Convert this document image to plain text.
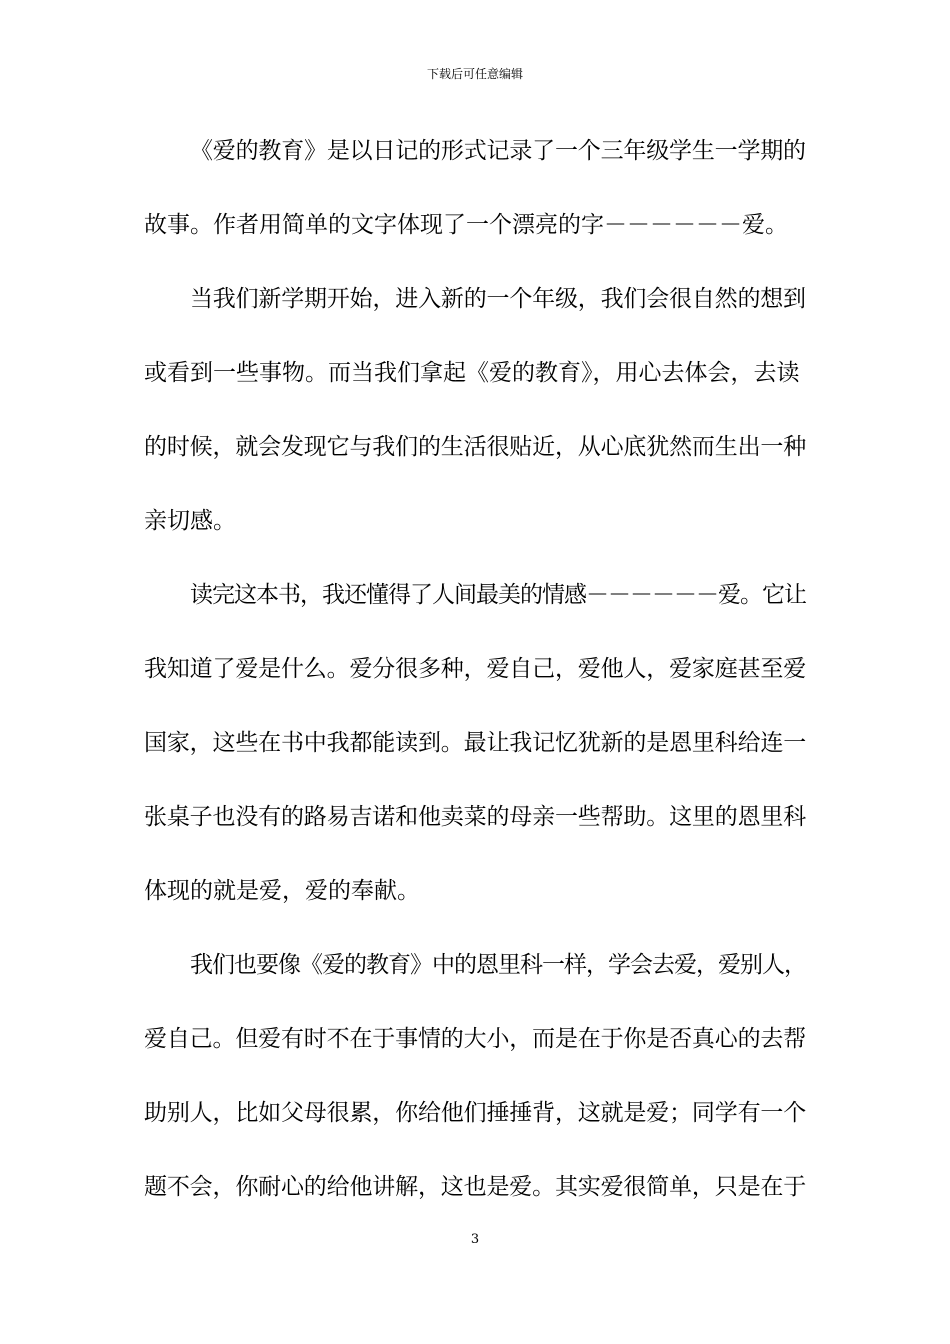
下载后可任意编辑
《爱的教育》是以日记的形式记录了一个三年级学生一学期的
故事。作者用简单的文字体现了一个漂亮的字－－－－－－爱。
当我们新学期开始，进入新的一个年级，我们会很自然的想到
或看到一些事物。而当我们拿起《爱的教育》，用心去体会，去读
的时候，就会发现它与我们的生活很贴近，从心底犹然而生出一种
亲切感。
读完这本书，我还懂得了人间最美的情感－－－－－－爱。它让
我知道了爱是什么。爱分很多种，爱自己，爱他人，爱家庭甚至爱
国家，这些在书中我都能读到。最让我记忆犹新的是恩里科给连一
张桌子也没有的路易吉诺和他卖菜的母亲一些帮助。这里的恩里科
体现的就是爱，爱的奉献。
我们也要像《爱的教育》中的恩里科一样，学会去爱，爱别人，
爱自己。但爱有时不在于事情的大小，而是在于你是否真心的去帮
助别人，比如父母很累，你给他们捶捶背，这就是爱；同学有一个
题不会，你耐心的给他讲解，这也是爱。其实爱很简单，只是在于
3
